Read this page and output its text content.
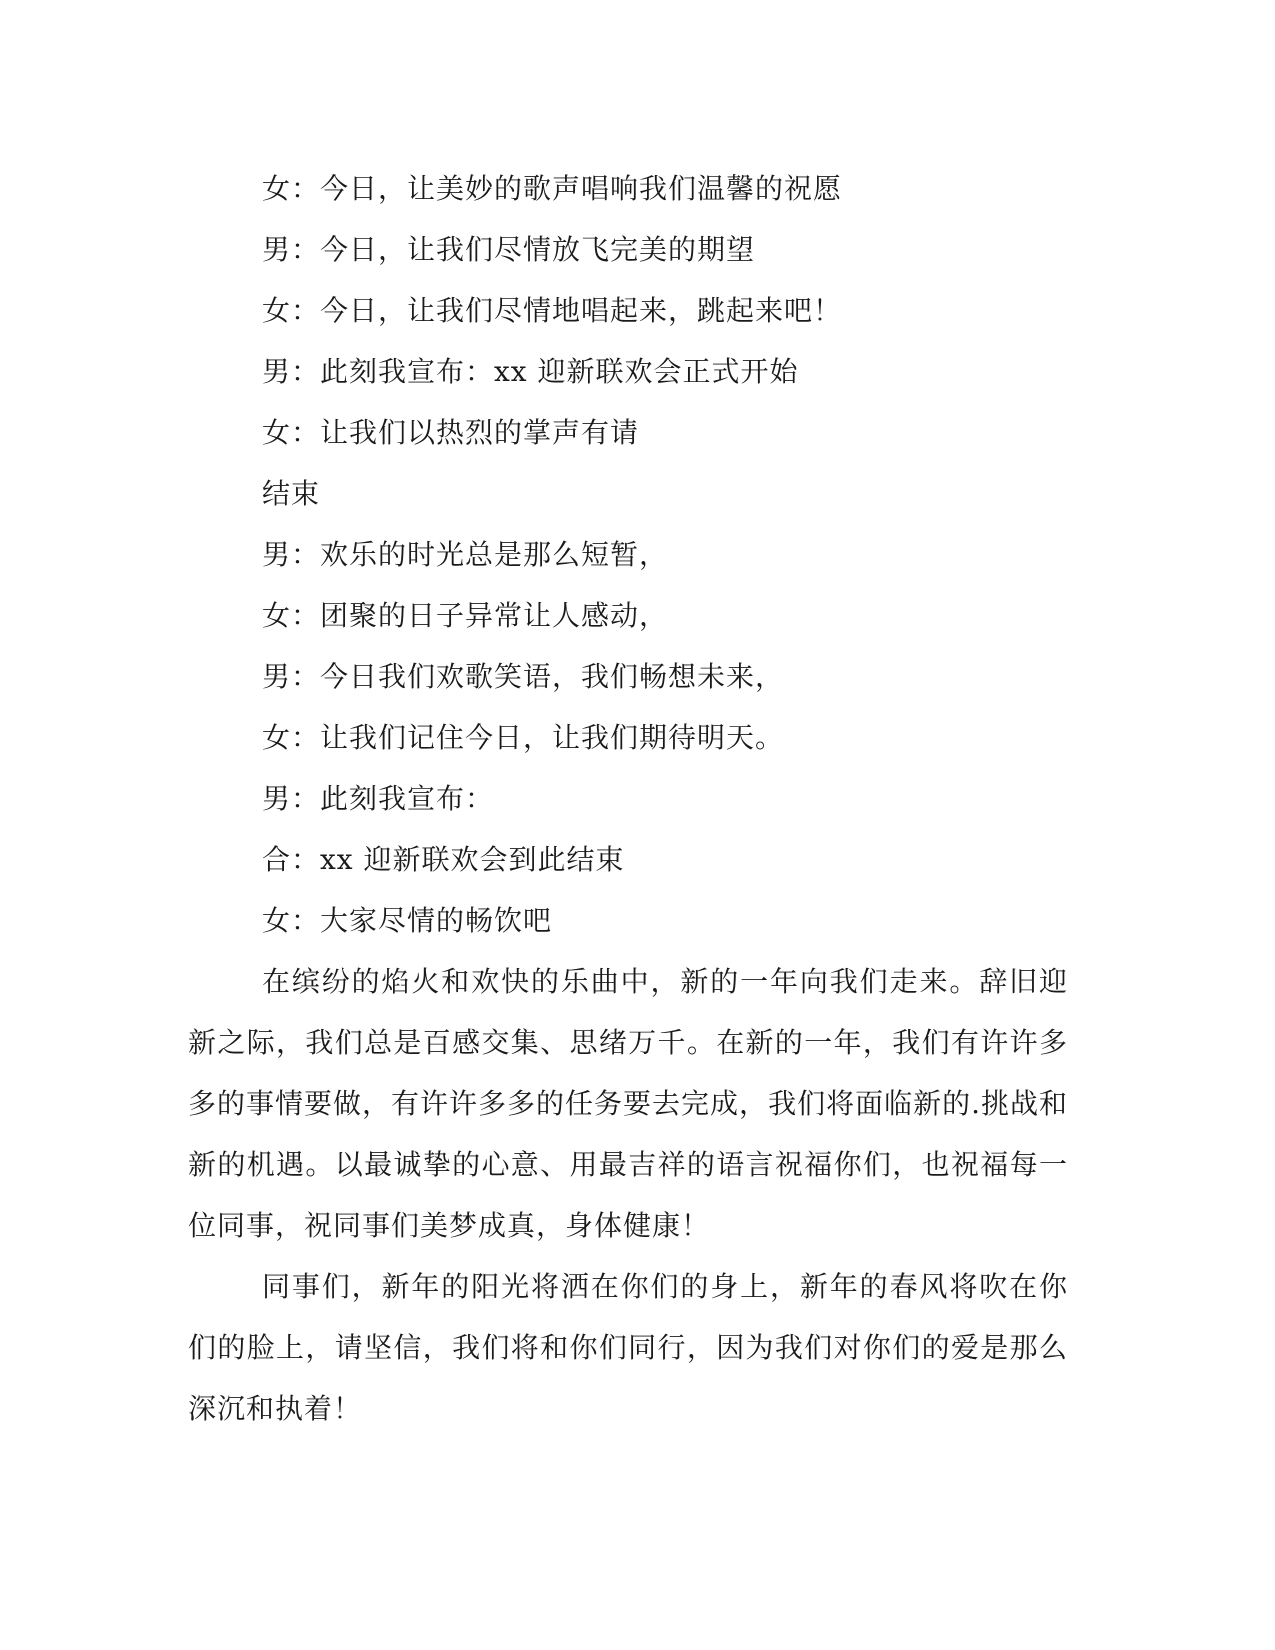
女：今日，让美妙的歌声唱响我们温馨的祝愿

男：今日，让我们尽情放飞完美的期望

女：今日，让我们尽情地唱起来，跳起来吧！

男：此刻我宣布：xx 迎新联欢会正式开始

女：让我们以热烈的掌声有请

结束

男：欢乐的时光总是那么短暂，

女：团聚的日子异常让人感动，

男：今日我们欢歌笑语，我们畅想未来，

女：让我们记住今日，让我们期待明天。

男：此刻我宣布：

合：xx 迎新联欢会到此结束

女：大家尽情的畅饮吧

在缤纷的焰火和欢快的乐曲中，新的一年向我们走来。辞旧迎新之际，我们总是百感交集、思绪万千。在新的一年，我们有许许多多的事情要做，有许许多多的任务要去完成，我们将面临新的.挑战和新的机遇。以最诚挚的心意、用最吉祥的语言祝福你们，也祝福每一位同事，祝同事们美梦成真，身体健康！

同事们，新年的阳光将洒在你们的身上，新年的春风将吹在你们的脸上，请坚信，我们将和你们同行，因为我们对你们的爱是那么深沉和执着！
